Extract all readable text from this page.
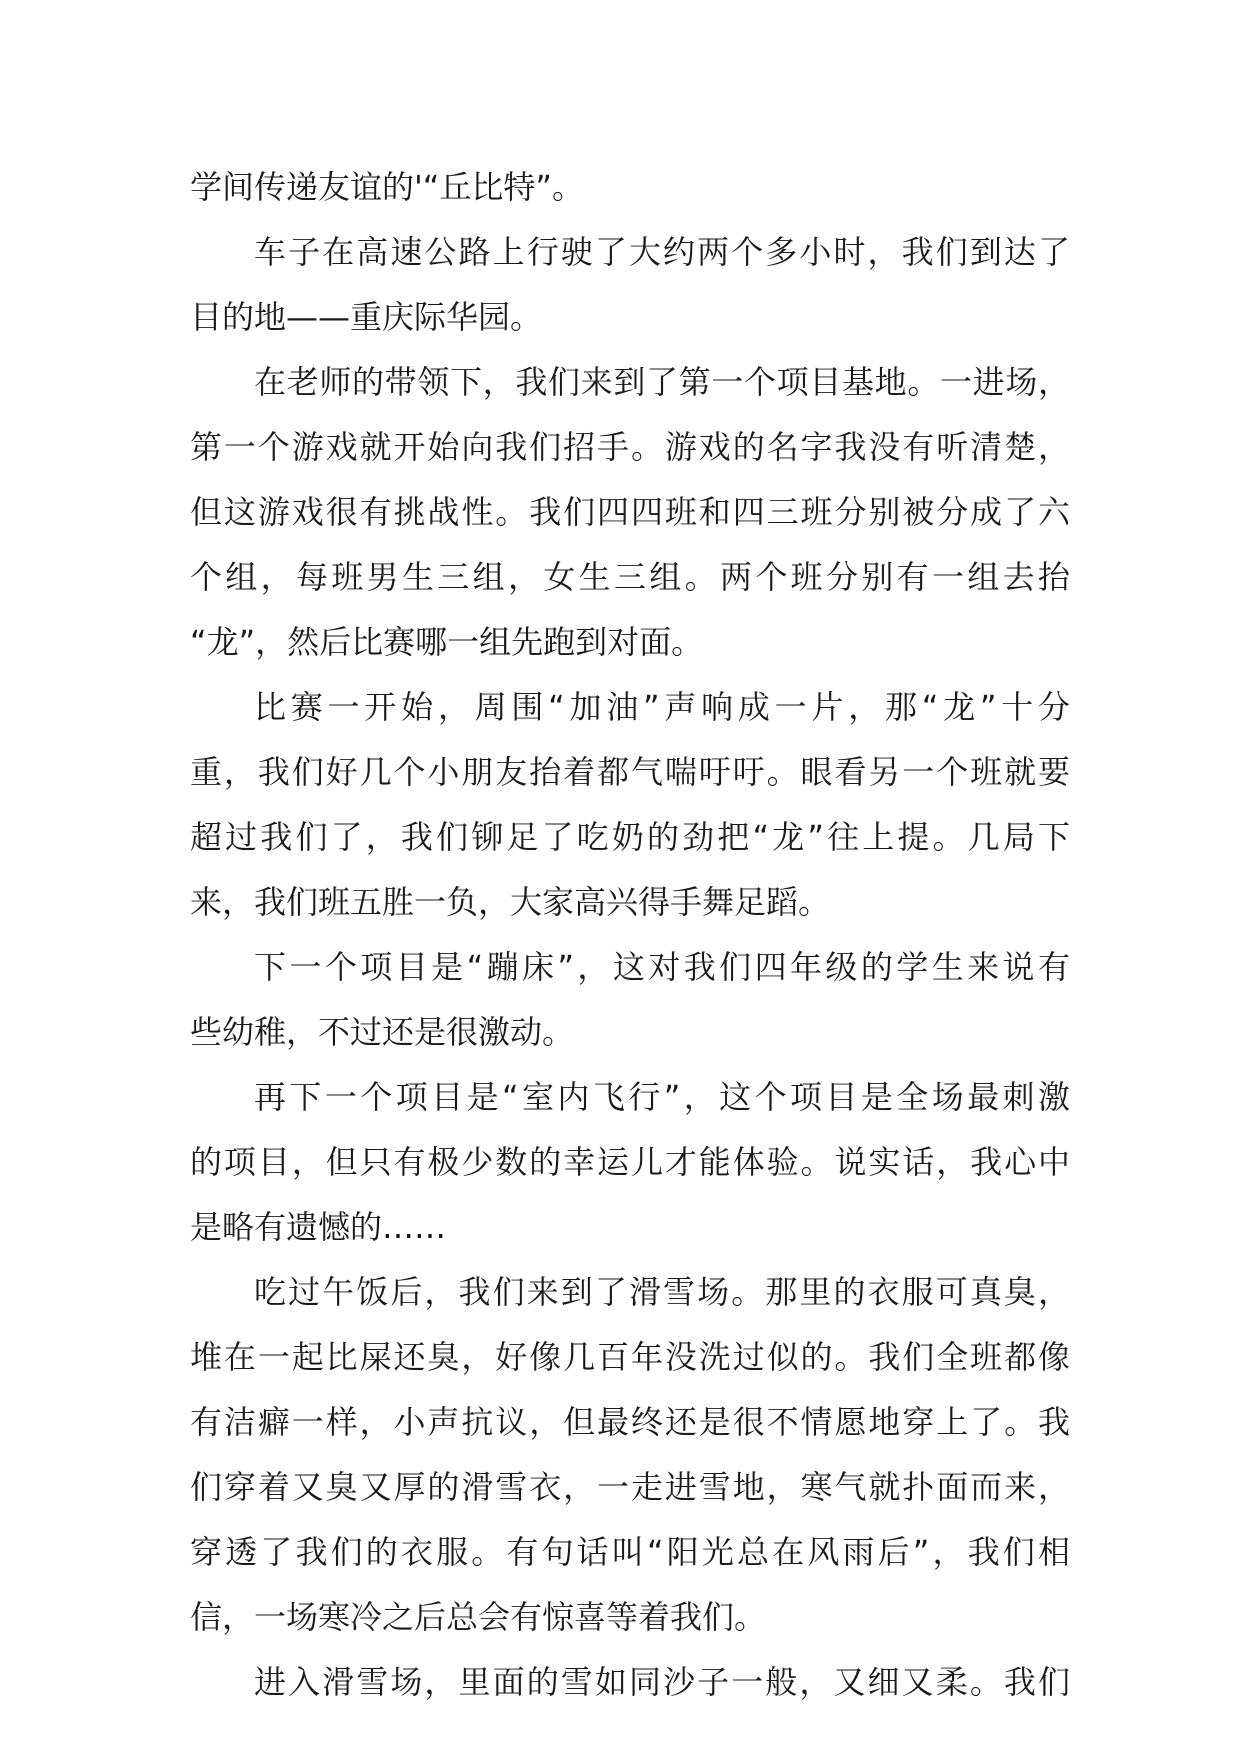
学间传递友谊的'“丘比特”。
车子在高速公路上行驶了大约两个多小时，我们到达了
目的地——重庆际华园。
在老师的带领下，我们来到了第一个项目基地。一进场，
第一个游戏就开始向我们招手。游戏的名字我没有听清楚，
但这游戏很有挑战性。我们四四班和四三班分别被分成了六
个组，每班男生三组，女生三组。两个班分别有一组去抬
“龙”，然后比赛哪一组先跑到对面。
比赛一开始，周围“加油”声响成一片，那“龙”十分
重，我们好几个小朋友抬着都气喘吁吁。眼看另一个班就要
超过我们了，我们铆足了吃奶的劲把“龙”往上提。几局下
来，我们班五胜一负，大家高兴得手舞足蹈。
下一个项目是“蹦床”，这对我们四年级的学生来说有
些幼稚，不过还是很激动。
再下一个项目是“室内飞行”，这个项目是全场最刺激
的项目，但只有极少数的幸运儿才能体验。说实话，我心中
是略有遗憾的……
吃过午饭后，我们来到了滑雪场。那里的衣服可真臭，
堆在一起比屎还臭，好像几百年没洗过似的。我们全班都像
有洁癖一样，小声抗议，但最终还是很不情愿地穿上了。我
们穿着又臭又厚的滑雪衣，一走进雪地，寒气就扑面而来，
穿透了我们的衣服。有句话叫“阳光总在风雨后”，我们相
信，一场寒冷之后总会有惊喜等着我们。
进入滑雪场，里面的雪如同沙子一般，又细又柔。我们
